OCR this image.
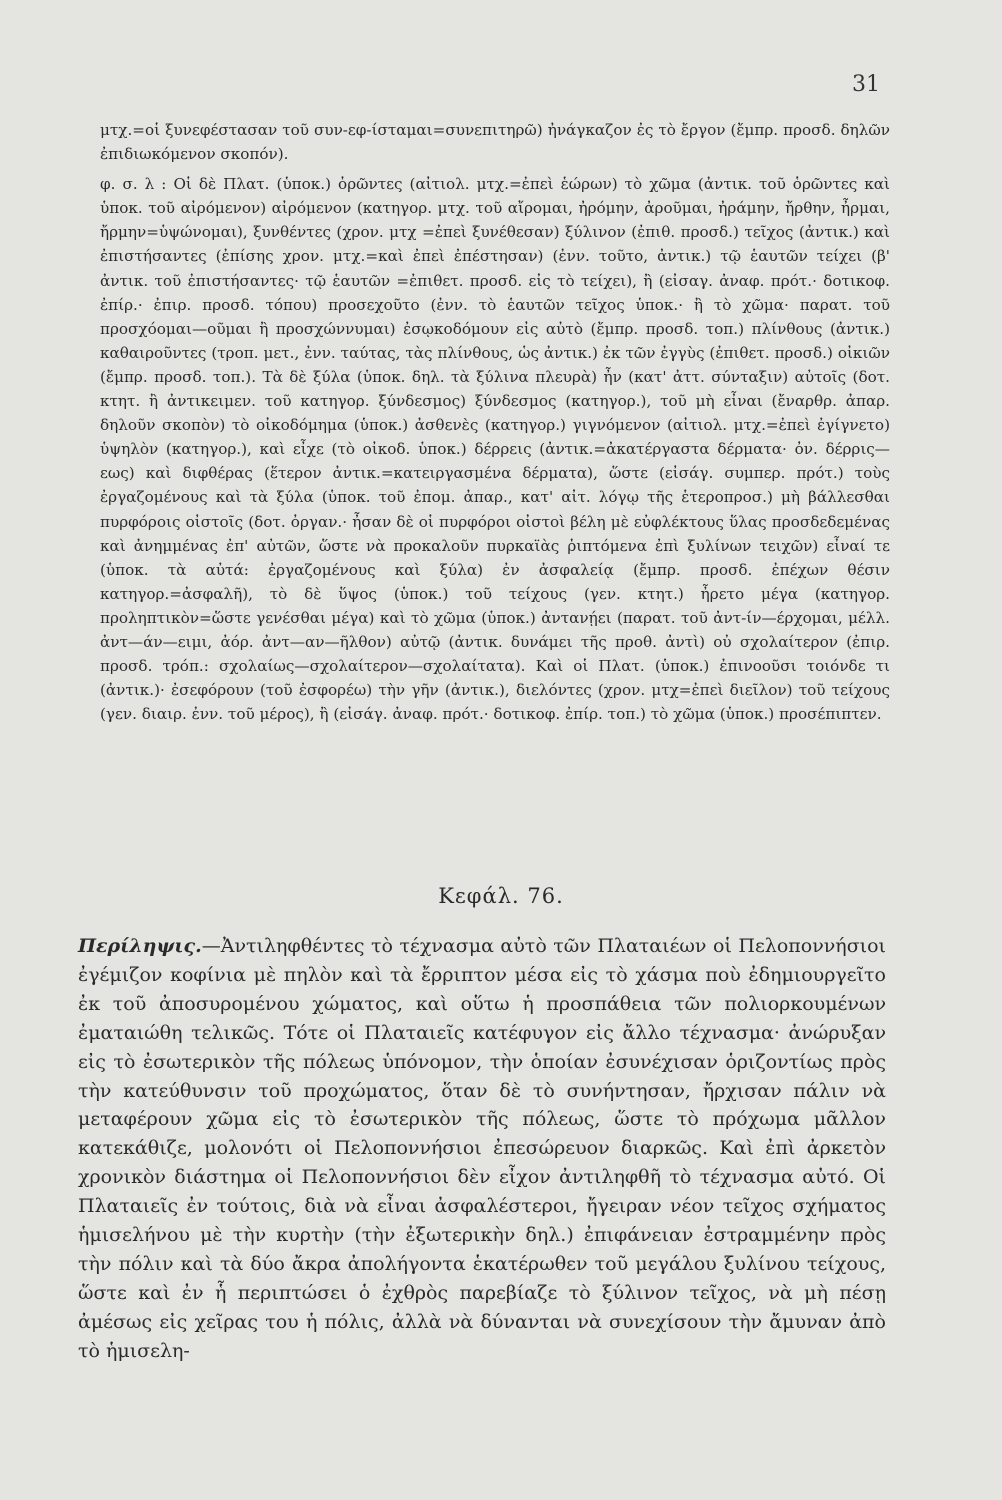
31

μτχ.=οἱ ξυνεφέστασαν τοῦ συν-εφ-ίσταμαι=συνεπιτηρῶ) ἠνάγκαζον ἐς τὸ ἔργον (ἔμπρ. προσδ. δηλῶν ἐπιδιωκόμενον σκοπόν).

φ. σ. λ : Οἱ δὲ Πλατ. (ὑποκ.) ὁρῶντες (αἰτιολ. μτχ.=ἐπεὶ ἑώρων) τὸ χῶμα (ἀντικ. τοῦ ὁρῶντες καὶ ὑποκ. τοῦ αἰρόμενον) αἰρόμενον (κατηγορ. μτχ. τοῦ αἴρομαι, ἠρόμην, ἀροῦμαι, ἠράμην, ἤρθην, ἦρμαι, ἤρμην=ὑψώνομαι), ξυνθέντες (χρον. μτχ =ἐπεὶ ξυνέθεσαν) ξύλινον (ἐπιθ. προσδ.) τεῖχος (ἀντικ.) καὶ ἐπιστήσαντες (ἐπίσης χρον. μτχ.=καὶ ἐπεὶ ἐπέστησαν) (ἐνν. τοῦτο, ἀντικ.) τῷ ἑαυτῶν τείχει (β' ἀντικ. τοῦ ἐπιστήσαντες· τῷ ἑαυτῶν =ἐπιθετ. προσδ. εἰς τὸ τείχει), ἢ (εἰσαγ. ἀναφ. πρότ.· δοτικοφ. ἐπίρ.· ἐπιρ. προσδ. τόπου) προσεχοῦτο (ἐνν. τὸ ἑαυτῶν τεῖχος ὑποκ.· ἢ τὸ χῶμα· παρατ. τοῦ προσχόομαι—οῦμαι ἢ προσχώννυμαι) ἐσῳκοδόμουν εἰς αὐτὸ (ἔμπρ. προσδ. τοπ.) πλίνθους (ἀντικ.) καθαιροῦντες (τροπ. μετ., ἐνν. ταύτας, τὰς πλίνθους, ὡς ἀντικ.) ἐκ τῶν ἐγγὺς (ἐπιθετ. προσδ.) οἰκιῶν (ἔμπρ. προσδ. τοπ.). Τὰ δὲ ξύλα (ὑποκ. δηλ. τὰ ξύλινα πλευρὰ) ἦν (κατ' ἀττ. σύνταξιν) αὐτοῖς (δοτ. κτητ. ἢ ἀντικειμεν. τοῦ κατηγορ. ξύνδεσμος) ξύνδεσμος (κατηγορ.), τοῦ μὴ εἶναι (ἔναρθρ. ἀπαρ. δηλοῦν σκοπὸν) τὸ οἰκοδόμημα (ὑποκ.) ἀσθενὲς (κατηγορ.) γιγνόμενον (αἰτιολ. μτχ.=ἐπεὶ ἐγίγνετο) ὑψηλὸν (κατηγορ.), καὶ εἶχε (τὸ οἰκοδ. ὑποκ.) δέρρεις (ἀντικ.=ἀκατέργαστα δέρματα· ὀν. δέρρις—εως) καὶ διφθέρας (ἕτερον ἀντικ.=κατειργασμένα δέρματα), ὥστε (εἰσάγ. συμπερ. πρότ.) τοὺς ἐργαζομένους καὶ τὰ ξύλα (ὑποκ. τοῦ ἐπομ. ἀπαρ., κατ' αἰτ. λόγῳ τῆς ἑτεροπροσ.) μὴ βάλλεσθαι πυρφόροις οἰστοῖς (δοτ. ὀργαν.· ἦσαν δὲ οἱ πυρφόροι οἰστοὶ βέλη μὲ εὐφλέκτους ὕλας προσδεδεμένας καὶ ἀνημμένας ἐπ' αὐτῶν, ὥστε νὰ προκαλοῦν πυρκαϊὰς ῥιπτόμενα ἐπὶ ξυλίνων τειχῶν) εἶναί τε (ὑποκ. τὰ αὐτά: ἐργαζομένους καὶ ξύλα) ἐν ἀσφαλείᾳ (ἔμπρ. προσδ. ἐπέχων θέσιν κατηγορ.=ἀσφαλῆ), τὸ δὲ ὕψος (ὑποκ.) τοῦ τείχους (γεν. κτητ.) ἦρετο μέγα (κατηγορ. προληπτικὸν=ὥστε γενέσθαι μέγα) καὶ τὸ χῶμα (ὑποκ.) ἀντανῄει (παρατ. τοῦ ἀντ-ίν—έρχομαι, μέλλ. ἀντ—άν—ειμι, ἀόρ. ἀντ—αν—ῆλθον) αὐτῷ (ἀντικ. δυνάμει τῆς προθ. ἀντὶ) οὐ σχολαίτερον (ἐπιρ. προσδ. τρόπ.: σχολαίως—σχολαίτερον—σχολαίτατα). Καὶ οἱ Πλατ. (ὑποκ.) ἐπινοοῦσι τοιόνδε τι (ἀντικ.)· ἐσεφόρουν (τοῦ ἐσφορέω) τὴν γῆν (ἀντικ.), διελόντες (χρον. μτχ=ἐπεὶ διεῖλον) τοῦ τείχους (γεν. διαιρ. ἐνν. τοῦ μέρος), ἢ (εἰσάγ. ἀναφ. πρότ.· δοτικοφ. ἐπίρ. τοπ.) τὸ χῶμα (ὑποκ.) προσέπιπτεν.

Κεφάλ. 76.

Περίληψις.—Ἀντιληφθέντες τὸ τέχνασμα αὐτὸ τῶν Πλαταιέων οἱ Πελοποννήσιοι ἐγέμιζον κοφίνια μὲ πηλὸν καὶ τὰ ἔρριπτον μέσα εἰς τὸ χάσμα ποὺ ἐδημιουργεῖτο ἐκ τοῦ ἀποσυρομένου χώματος, καὶ οὕτω ἡ προσπάθεια τῶν πολιορκουμένων ἐματαιώθη τελικῶς. Τότε οἱ Πλαταιεῖς κατέφυγον εἰς ἄλλο τέχνασμα· ἀνώρυξαν εἰς τὸ ἐσωτερικὸν τῆς πόλεως ὑπόνομον, τὴν ὁποίαν ἐσυνέχισαν ὁριζοντίως πρὸς τὴν κατεύθυνσιν τοῦ προχώματος, ὅταν δὲ τὸ συνήντησαν, ἤρχισαν πάλιν νὰ μεταφέρουν χῶμα εἰς τὸ ἐσωτερικὸν τῆς πόλεως, ὥστε τὸ πρόχωμα μᾶλλον κατεκάθιζε, μολονότι οἱ Πελοποννήσιοι ἐπεσώρευον διαρκῶς. Καὶ ἐπὶ ἀρκετὸν χρονικὸν διάστημα οἱ Πελοποννήσιοι δὲν εἶχον ἀντιληφθῆ τὸ τέχνασμα αὐτό. Οἱ Πλαταιεῖς ἐν τούτοις, διὰ νὰ εἶναι ἀσφαλέστεροι, ἤγειραν νέον τεῖχος σχήματος ἡμισελήνου μὲ τὴν κυρτὴν (τὴν ἐξωτερικὴν δηλ.) ἐπιφάνειαν ἐστραμμένην πρὸς τὴν πόλιν καὶ τὰ δύο ἄκρα ἀπολήγοντα ἑκατέρωθεν τοῦ μεγάλου ξυλίνου τείχους, ὥστε καὶ ἐν ἧ περιπτώσει ὁ ἐχθρὸς παρεβίαζε τὸ ξύλινον τεῖχος, νὰ μὴ πέσῃ ἀμέσως εἰς χεῖρας του ἡ πόλις, ἀλλὰ νὰ δύνανται νὰ συνεχίσουν τὴν ἄμυναν ἀπὸ τὸ ἡμισελη-
